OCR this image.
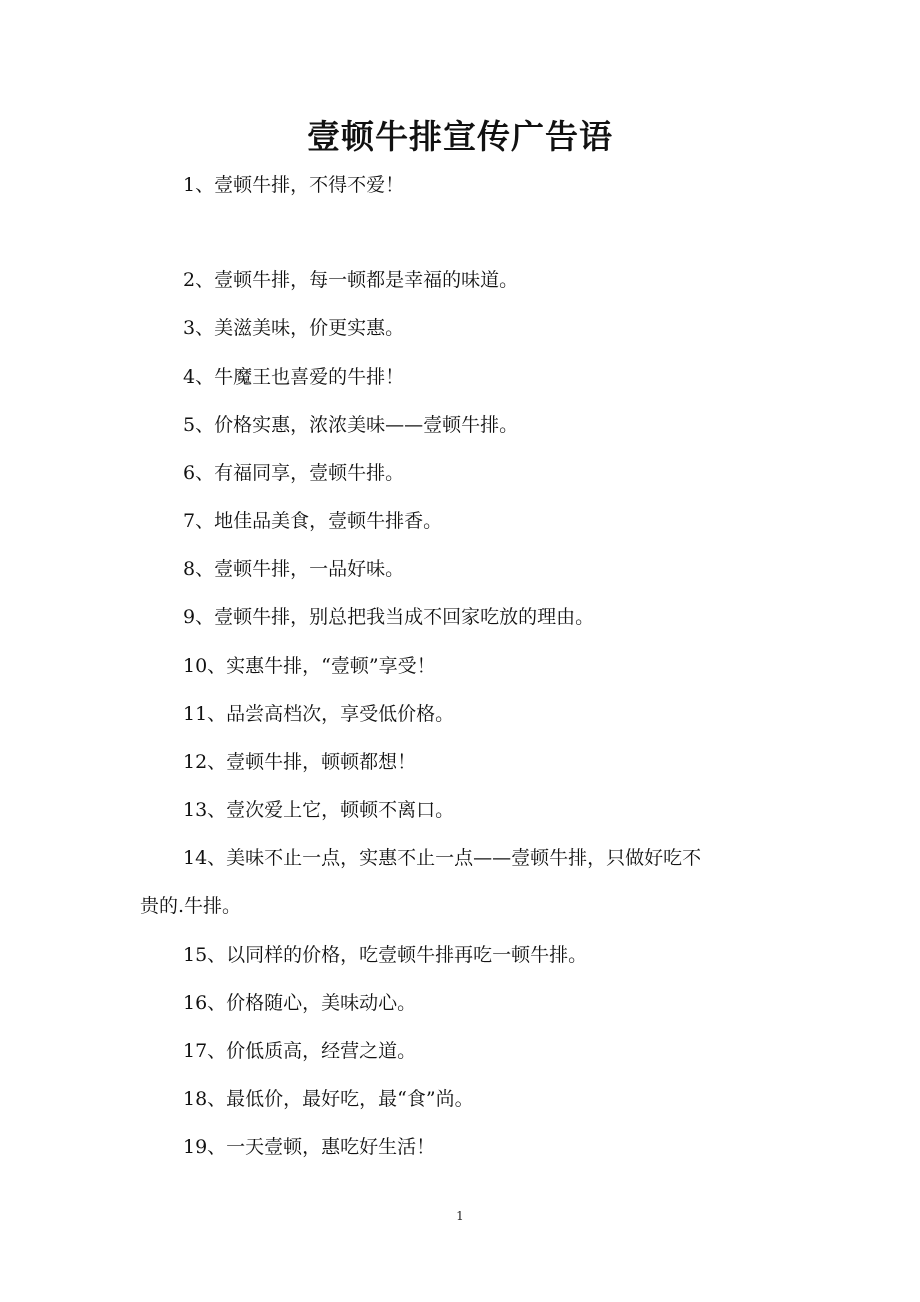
壹顿牛排宣传广告语
1、壹顿牛排，不得不爱！
2、壹顿牛排，每一顿都是幸福的味道。
3、美滋美味，价更实惠。
4、牛魔王也喜爱的牛排！
5、价格实惠，浓浓美味——壹顿牛排。
6、有福同享，壹顿牛排。
7、地佳品美食，壹顿牛排香。
8、壹顿牛排，一品好味。
9、壹顿牛排，别总把我当成不回家吃放的理由。
10、实惠牛排，“壹顿”享受！
11、品尝高档次，享受低价格。
12、壹顿牛排，顿顿都想！
13、壹次爱上它，顿顿不离口。
14、美味不止一点，实惠不止一点——壹顿牛排，只做好吃不
贵的.牛排。
15、以同样的价格，吃壹顿牛排再吃一顿牛排。
16、价格随心，美味动心。
17、价低质高，经营之道。
18、最低价，最好吃，最“食”尚。
19、一天壹顿，惠吃好生活！
1
